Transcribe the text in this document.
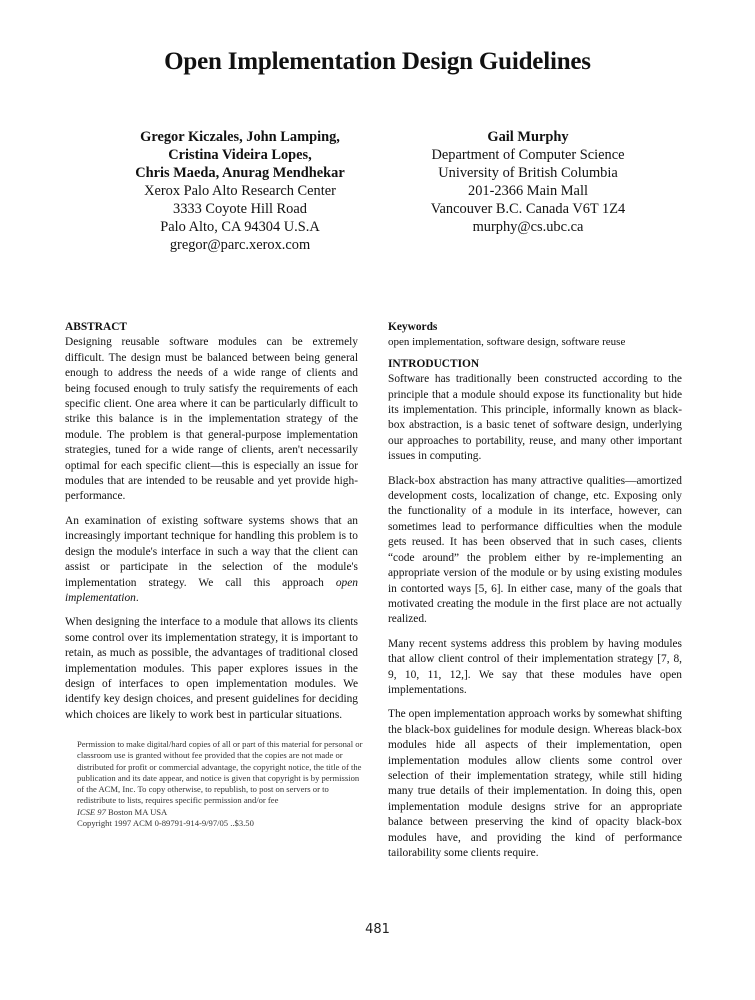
Open Implementation Design Guidelines
Gregor Kiczales, John Lamping,
Cristina Videira Lopes,
Chris Maeda, Anurag Mendhekar
Xerox Palo Alto Research Center
3333 Coyote Hill Road
Palo Alto, CA 94304 U.S.A
gregor@parc.xerox.com
Gail Murphy
Department of Computer Science
University of British Columbia
201-2366 Main Mall
Vancouver B.C. Canada V6T 1Z4
murphy@cs.ubc.ca

ABSTRACT

Designing reusable software modules can be extremely difficult. The design must be balanced between being general enough to address the needs of a wide range of clients and being focused enough to truly satisfy the requirements of each specific client. One area where it can be particularly difficult to strike this balance is in the implementation strategy of the module. The problem is that general-purpose implementation strategies, tuned for a wide range of clients, aren't necessarily optimal for each specific client—this is especially an issue for modules that are intended to be reusable and yet provide high-performance.

An examination of existing software systems shows that an increasingly important technique for handling this problem is to design the module's interface in such a way that the client can assist or participate in the selection of the module's implementation strategy. We call this approach open implementation.

When designing the interface to a module that allows its clients some control over its implementation strategy, it is important to retain, as much as possible, the advantages of traditional closed implementation modules. This paper explores issues in the design of interfaces to open implementation modules. We identify key design choices, and present guidelines for deciding which choices are likely to work best in particular situations.

Permission to make digital/hard copies of all or part of this material for personal or classroom use is granted without fee provided that the copies are not made or distributed for profit or commercial advantage, the copyright notice, the title of the publication and its date appear, and notice is given that copyright is by permission of the ACM, Inc. To copy otherwise, to republish, to post on servers or to redistribute to lists, requires specific permission and/or fee

ICSE 97 Boston MA USA

Copyright 1997 ACM 0-89791-914-9/97/05 ..$3.50

Keywords

open implementation, software design, software reuse

INTRODUCTION

Software has traditionally been constructed according to the principle that a module should expose its functionality but hide its implementation. This principle, informally known as black-box abstraction, is a basic tenet of software design, underlying our approaches to portability, reuse, and many other important issues in computing.

Black-box abstraction has many attractive qualities—amortized development costs, localization of change, etc. Exposing only the functionality of a module in its interface, however, can sometimes lead to performance difficulties when the module gets reused. It has been observed that in such cases, clients “code around” the problem either by re-implementing an appropriate version of the module or by using existing modules in contorted ways [5, 6]. In either case, many of the goals that motivated creating the module in the first place are not actually realized.

Many recent systems address this problem by having modules that allow client control of their implementation strategy [7, 8, 9, 10, 11, 12,]. We say that these modules have open implementations.

The open implementation approach works by somewhat shifting the black-box guidelines for module design. Whereas black-box modules hide all aspects of their implementation, open implementation modules allow clients some control over selection of their implementation strategy, while still hiding many true details of their implementation. In doing this, open implementation module designs strive for an appropriate balance between preserving the kind of opacity black-box modules have, and providing the kind of performance tailorability some clients require.

481
